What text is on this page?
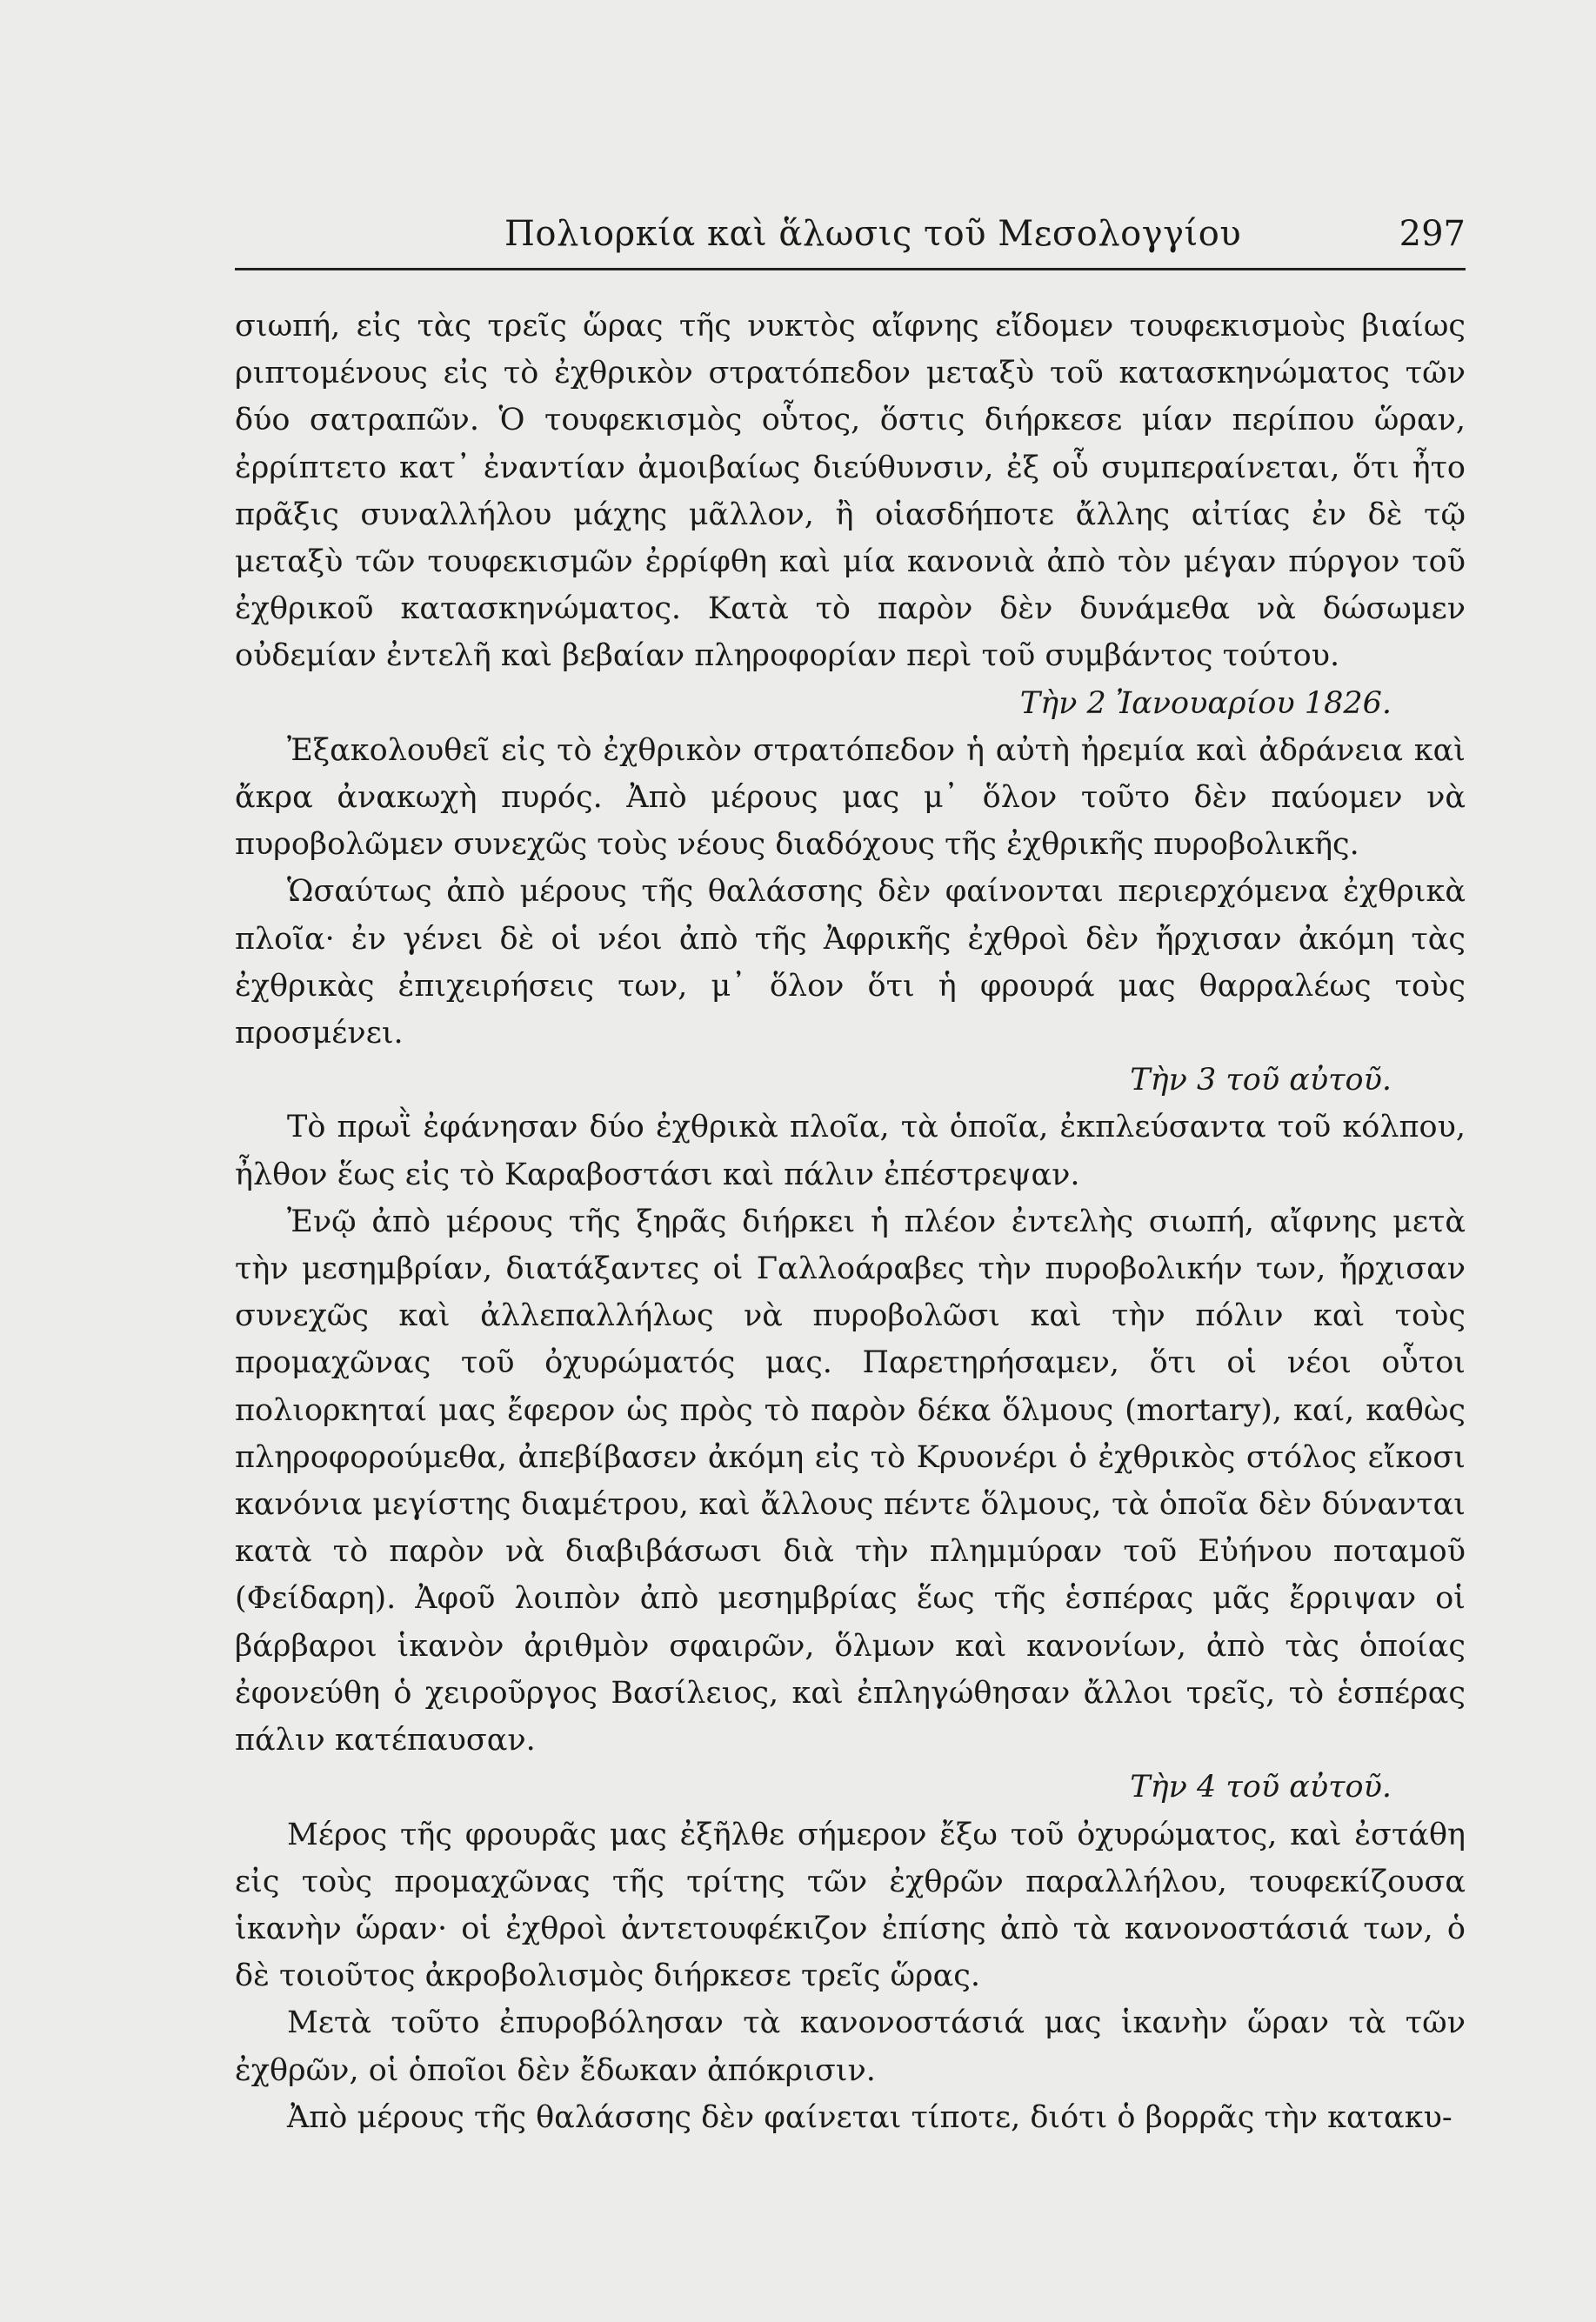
Πολιορκία καὶ ἅλωσις τοῦ Μεσολογγίου	297

σιωπή, εἰς τὰς τρεῖς ὥρας τῆς νυκτὸς αἴφνης εἴδομεν τουφεκισμοὺς βιαίως ριπτομένους εἰς τὸ ἐχθρικὸν στρατόπεδον μεταξὺ τοῦ κατασκηνώματος τῶν δύο σατραπῶν. Ὁ τουφεκισμὸς οὗτος, ὅστις διήρκεσε μίαν περίπου ὥραν, ἐρρίπτετο κατ᾿ ἐναντίαν ἀμοιβαίως διεύθυνσιν, ἐξ οὗ συμπεραίνεται, ὅτι ἦτο πρᾶξις συναλλήλου μάχης μᾶλλον, ἢ οἱασδήποτε ἄλλης αἰτίας ἐν δὲ τῷ μεταξὺ τῶν τουφεκισμῶν ἐρρίφθη καὶ μία κανονιὰ ἀπὸ τὸν μέγαν πύργον τοῦ ἐχθρικοῦ κατασκηνώματος. Κατὰ τὸ παρὸν δὲν δυνάμεθα νὰ δώσωμεν οὐδεμίαν ἐντελῆ καὶ βεβαίαν πληροφορίαν περὶ τοῦ συμβάντος τούτου.

Τὴν 2 Ἰανουαρίου 1826.

Ἐξακολουθεῖ εἰς τὸ ἐχθρικὸν στρατόπεδον ἡ αὐτὴ ἠρεμία καὶ ἀδράνεια καὶ ἄκρα ἀνακωχὴ πυρός. Ἀπὸ μέρους μας μ᾿ ὅλον τοῦτο δὲν παύομεν νὰ πυροβολῶμεν συνεχῶς τοὺς νέους διαδόχους τῆς ἐχθρικῆς πυροβολικῆς.

Ὡσαύτως ἀπὸ μέρους τῆς θαλάσσης δὲν φαίνονται περιερχόμενα ἐχθρικὰ πλοῖα· ἐν γένει δὲ οἱ νέοι ἀπὸ τῆς Ἀφρικῆς ἐχθροὶ δὲν ἤρχισαν ἀκόμη τὰς ἐχθρικὰς ἐπιχειρήσεις των, μ᾿ ὅλον ὅτι ἡ φρουρά μας θαρραλέως τοὺς προσμένει.

Τὴν 3 τοῦ αὐτοῦ.

Τὸ πρωῒ ἐφάνησαν δύο ἐχθρικὰ πλοῖα, τὰ ὁποῖα, ἐκπλεύσαντα τοῦ κόλπου, ἦλθον ἕως εἰς τὸ Καραβοστάσι καὶ πάλιν ἐπέστρεψαν.

Ἐνῷ ἀπὸ μέρους τῆς ξηρᾶς διήρκει ἡ πλέον ἐντελὴς σιωπή, αἴφνης μετὰ τὴν μεσημβρίαν, διατάξαντες οἱ Γαλλοάραβες τὴν πυροβολικήν των, ἤρχισαν συνεχῶς καὶ ἀλλεπαλλήλως νὰ πυροβολῶσι καὶ τὴν πόλιν καὶ τοὺς προμαχῶνας τοῦ ὀχυρώματός μας. Παρετηρήσαμεν, ὅτι οἱ νέοι οὗτοι πολιορκηταί μας ἔφερον ὡς πρὸς τὸ παρὸν δέκα ὅλμους (mortary), καί, καθὼς πληροφορούμεθα, ἀπεβίβασεν ἀκόμη εἰς τὸ Κρυονέρι ὁ ἐχθρικὸς στόλος εἴκοσι κανόνια μεγίστης διαμέτρου, καὶ ἄλλους πέντε ὅλμους, τὰ ὁποῖα δὲν δύνανται κατὰ τὸ παρὸν νὰ διαβιβάσωσι διὰ τὴν πλημμύραν τοῦ Εὐήνου ποταμοῦ (Φείδαρη). Ἀφοῦ λοιπὸν ἀπὸ μεσημβρίας ἕως τῆς ἑσπέρας μᾶς ἔρριψαν οἱ βάρβαροι ἱκανὸν ἀριθμὸν σφαιρῶν, ὅλμων καὶ κανονίων, ἀπὸ τὰς ὁποίας ἐφονεύθη ὁ χειροῦργος Βασίλειος, καὶ ἐπληγώθησαν ἄλλοι τρεῖς, τὸ ἑσπέρας πάλιν κατέπαυσαν.

Τὴν 4 τοῦ αὐτοῦ.

Μέρος τῆς φρουρᾶς μας ἐξῆλθε σήμερον ἔξω τοῦ ὀχυρώματος, καὶ ἐστάθη εἰς τοὺς προμαχῶνας τῆς τρίτης τῶν ἐχθρῶν παραλλήλου, τουφεκίζουσα ἱκανὴν ὥραν· οἱ ἐχθροὶ ἀντετουφέκιζον ἐπίσης ἀπὸ τὰ κανονοστάσιά των, ὁ δὲ τοιοῦτος ἀκροβολισμὸς διήρκεσε τρεῖς ὥρας.

Μετὰ τοῦτο ἐπυροβόλησαν τὰ κανονοστάσιά μας ἱκανὴν ὥραν τὰ τῶν ἐχθρῶν, οἱ ὁποῖοι δὲν ἔδωκαν ἀπόκρισιν.

Ἀπὸ μέρους τῆς θαλάσσης δὲν φαίνεται τίποτε, διότι ὁ βορρᾶς τὴν κατακυ-
